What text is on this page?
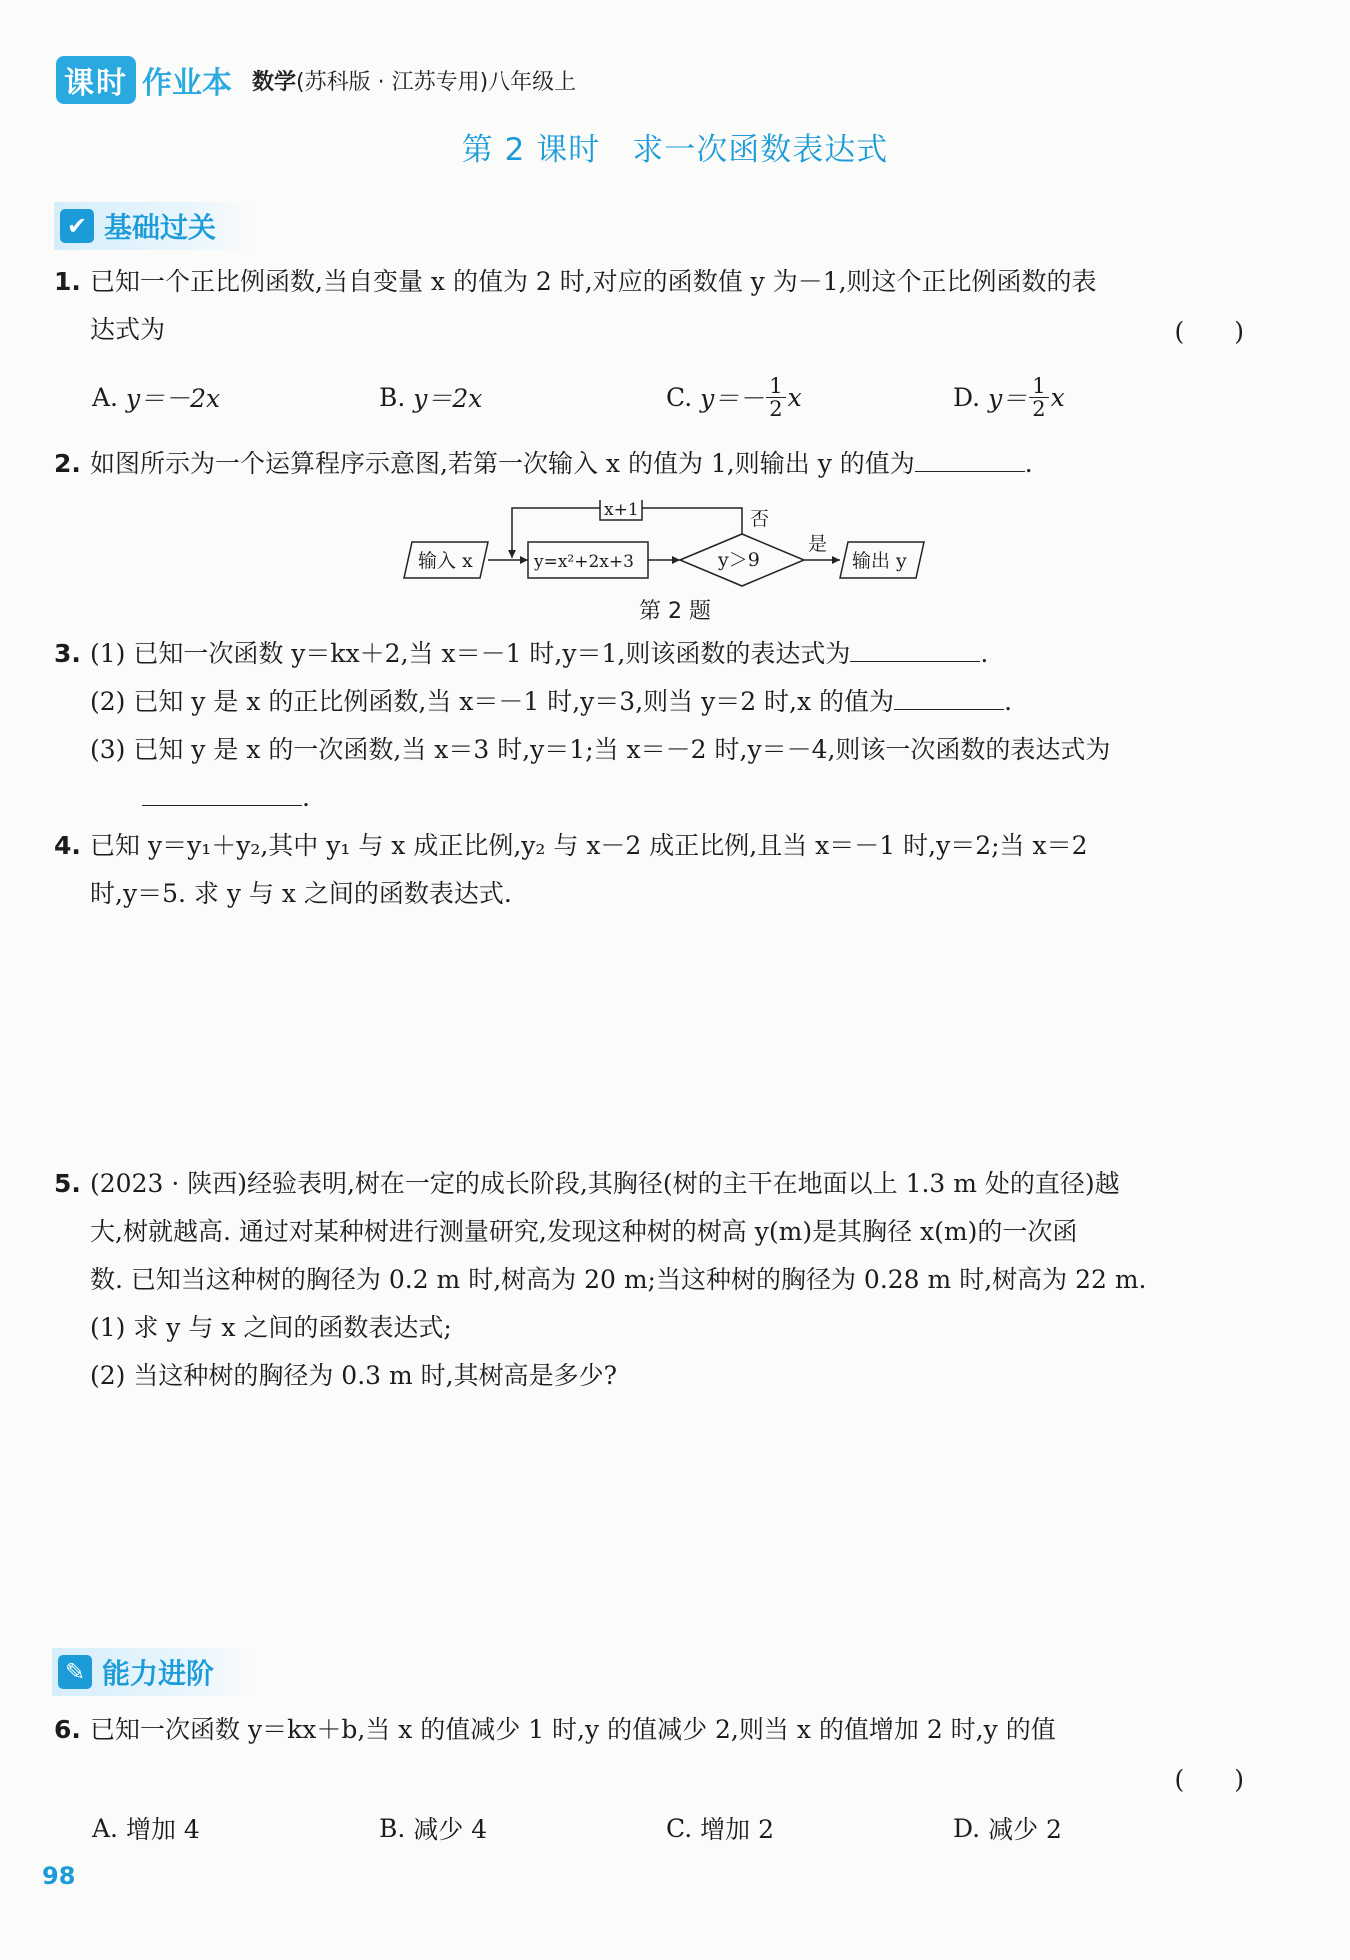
课时 作业本 数学(苏科版 · 江苏专用)八年级上
第 2 课时　求一次函数表达式
✔ 基础过关
1. 已知一个正比例函数,当自变量 x 的值为 2 时,对应的函数值 y 为－1,则这个正比例函数的表
达式为	(　　)
A.
y＝－2x	B.
y＝2x	C.
$y=- \frac{1}{2}$ x	D.
$y= \frac{1}{2}$ x
2. 如图所示为一个运算程序示意图,若第一次输入 x 的值为 1,则输出 y 的值为	.
输入 x	y=x²+2x+3	y＞9	输出 y
x+1	否
是
第 2 题
3. (1) 已知一次函数 y＝kx＋2,当 x＝－1 时,y＝1,则该函数的表达式为	.
(2) 已知 y 是 x 的正比例函数,当 x＝－1 时,y＝3,则当 y＝2 时,x 的值为	.
(3) 已知 y 是 x 的一次函数,当 x＝3 时,y＝1;当 x＝－2 时,y＝－4,则该一次函数的表达式为
.
4. 已知 y＝y₁＋y₂,其中 y₁ 与 x 成正比例,y₂ 与 x－2 成正比例,且当 x＝－1 时,y＝2;当 x＝2
时,y＝5. 求 y 与 x 之间的函数表达式.
5. (2023 · 陕西)经验表明,树在一定的成长阶段,其胸径(树的主干在地面以上 1.3 m 处的直径)越
大,树就越高. 通过对某种树进行测量研究,发现这种树的树高 y(m)是其胸径 x(m)的一次函
数. 已知当这种树的胸径为 0.2 m 时,树高为 20 m;当这种树的胸径为 0.28 m 时,树高为 22 m.
(1) 求 y 与 x 之间的函数表达式;
(2) 当这种树的胸径为 0.3 m 时,其树高是多少?
✎ 能力进阶
6. 已知一次函数 y＝kx＋b,当 x 的值减少 1 时,y 的值减少 2,则当 x 的值增加 2 时,y 的值
(　　)
A.
增加 4	B.
减少 4	C.
增加 2	D.
减少 2
98
